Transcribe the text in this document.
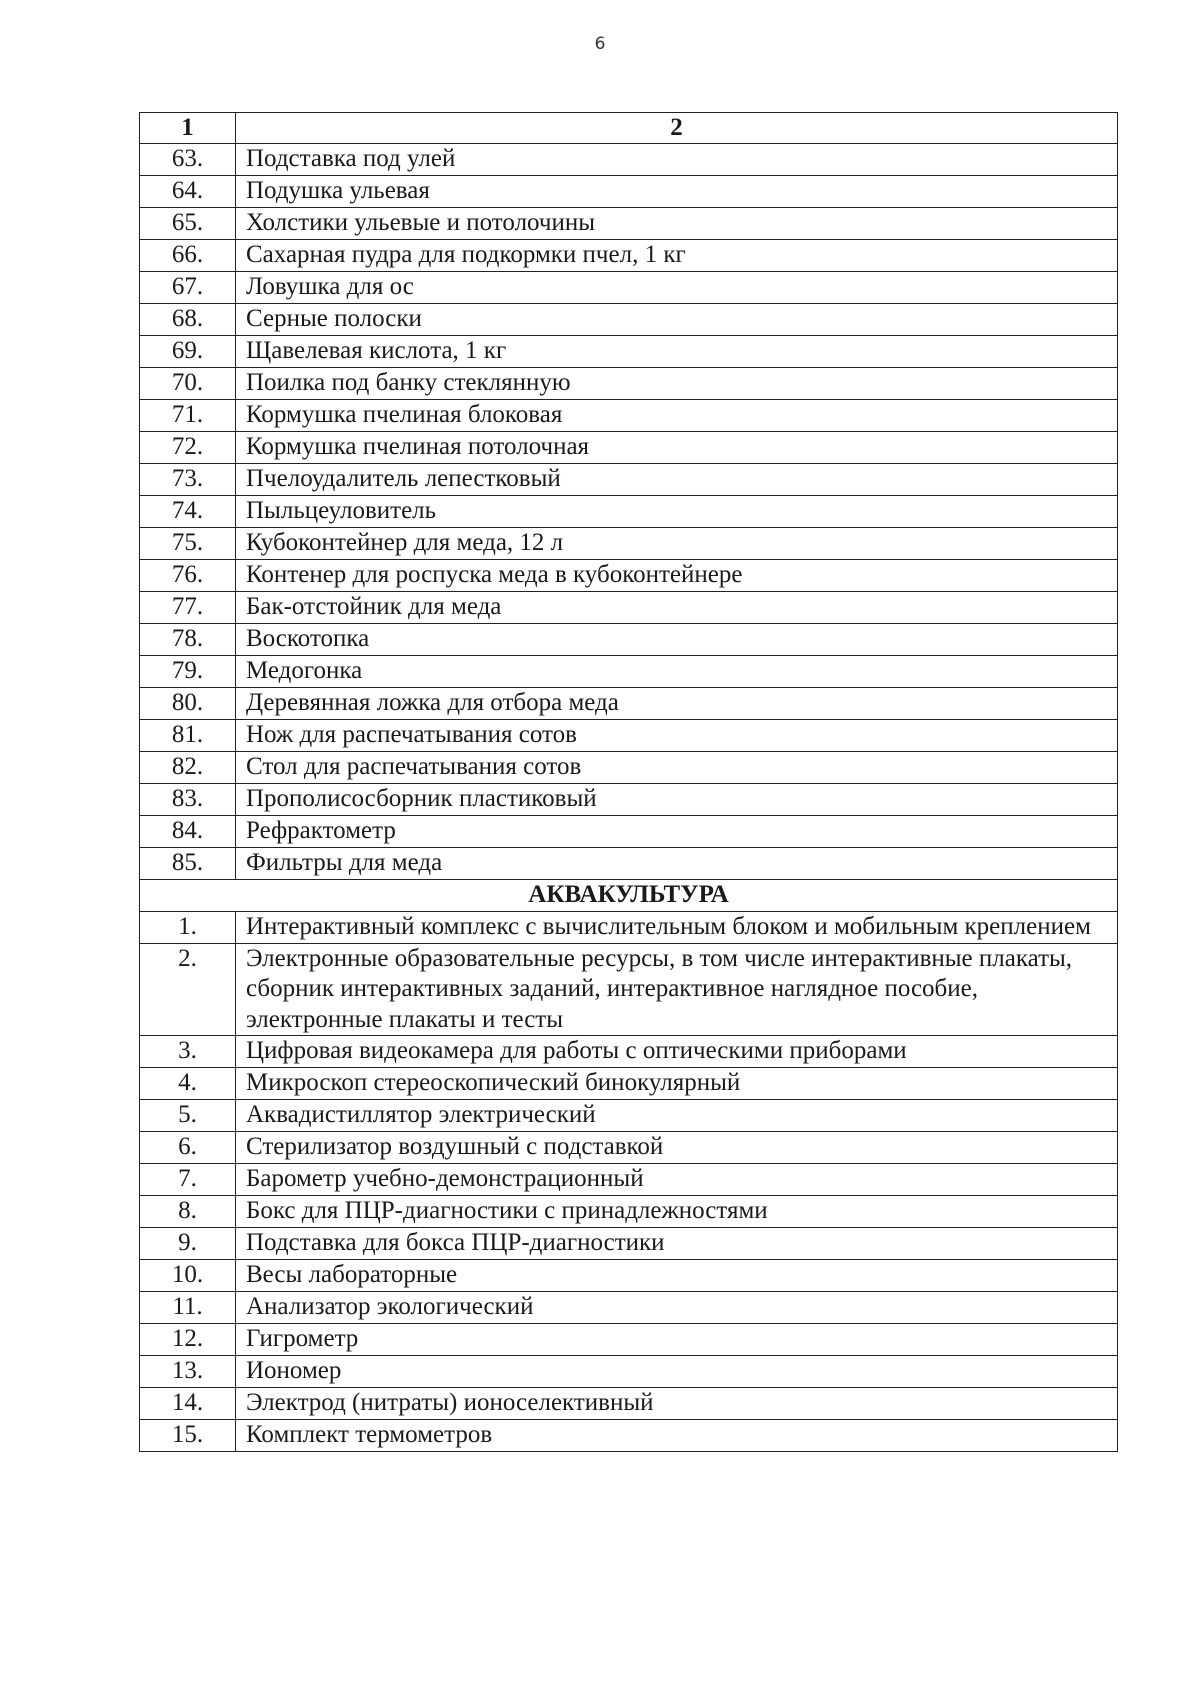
6
1	2
63.	Подставка под улей
64.	Подушка ульевая
65.	Холстики ульевые и потолочины
66.	Сахарная пудра для подкормки пчел, 1 кг
67.	Ловушка для ос
68.	Серные полоски
69.	Щавелевая кислота, 1 кг
70.	Поилка под банку стеклянную
71.	Кормушка пчелиная блоковая
72.	Кормушка пчелиная потолочная
73.	Пчелоудалитель лепестковый
74.	Пыльцеуловитель
75.	Кубоконтейнер для меда, 12 л
76.	Контенер для роспуска меда в кубоконтейнере
77.	Бак-отстойник для меда
78.	Воскотопка
79.	Медогонка
80.	Деревянная ложка для отбора меда
81.	Нож для распечатывания сотов
82.	Стол для распечатывания сотов
83.	Прополисосборник пластиковый
84.	Рефрактометр
85.	Фильтры для меда
АКВАКУЛЬТУРА	
1.	Интерактивный комплекс с вычислительным блоком и мобильным креплением
2.	Электронные образовательные ресурсы, в том числе интерактивные плакаты, сборник интерактивных заданий, интерактивное наглядное пособие, электронные плакаты и тесты
3.	Цифровая видеокамера для работы с оптическими приборами
4.	Микроскоп стереоскопический бинокулярный
5.	Аквадистиллятор электрический
6.	Стерилизатор воздушный с подставкой
7.	Барометр учебно-демонстрационный
8.	Бокс для ПЦР-диагностики с принадлежностями
9.	Подставка для бокса ПЦР-диагностики
10.	Весы лабораторные
11.	Анализатор экологический
12.	Гигрометр
13.	Иономер
14.	Электрод (нитраты) ионоселективный
15.	Комплект термометров
